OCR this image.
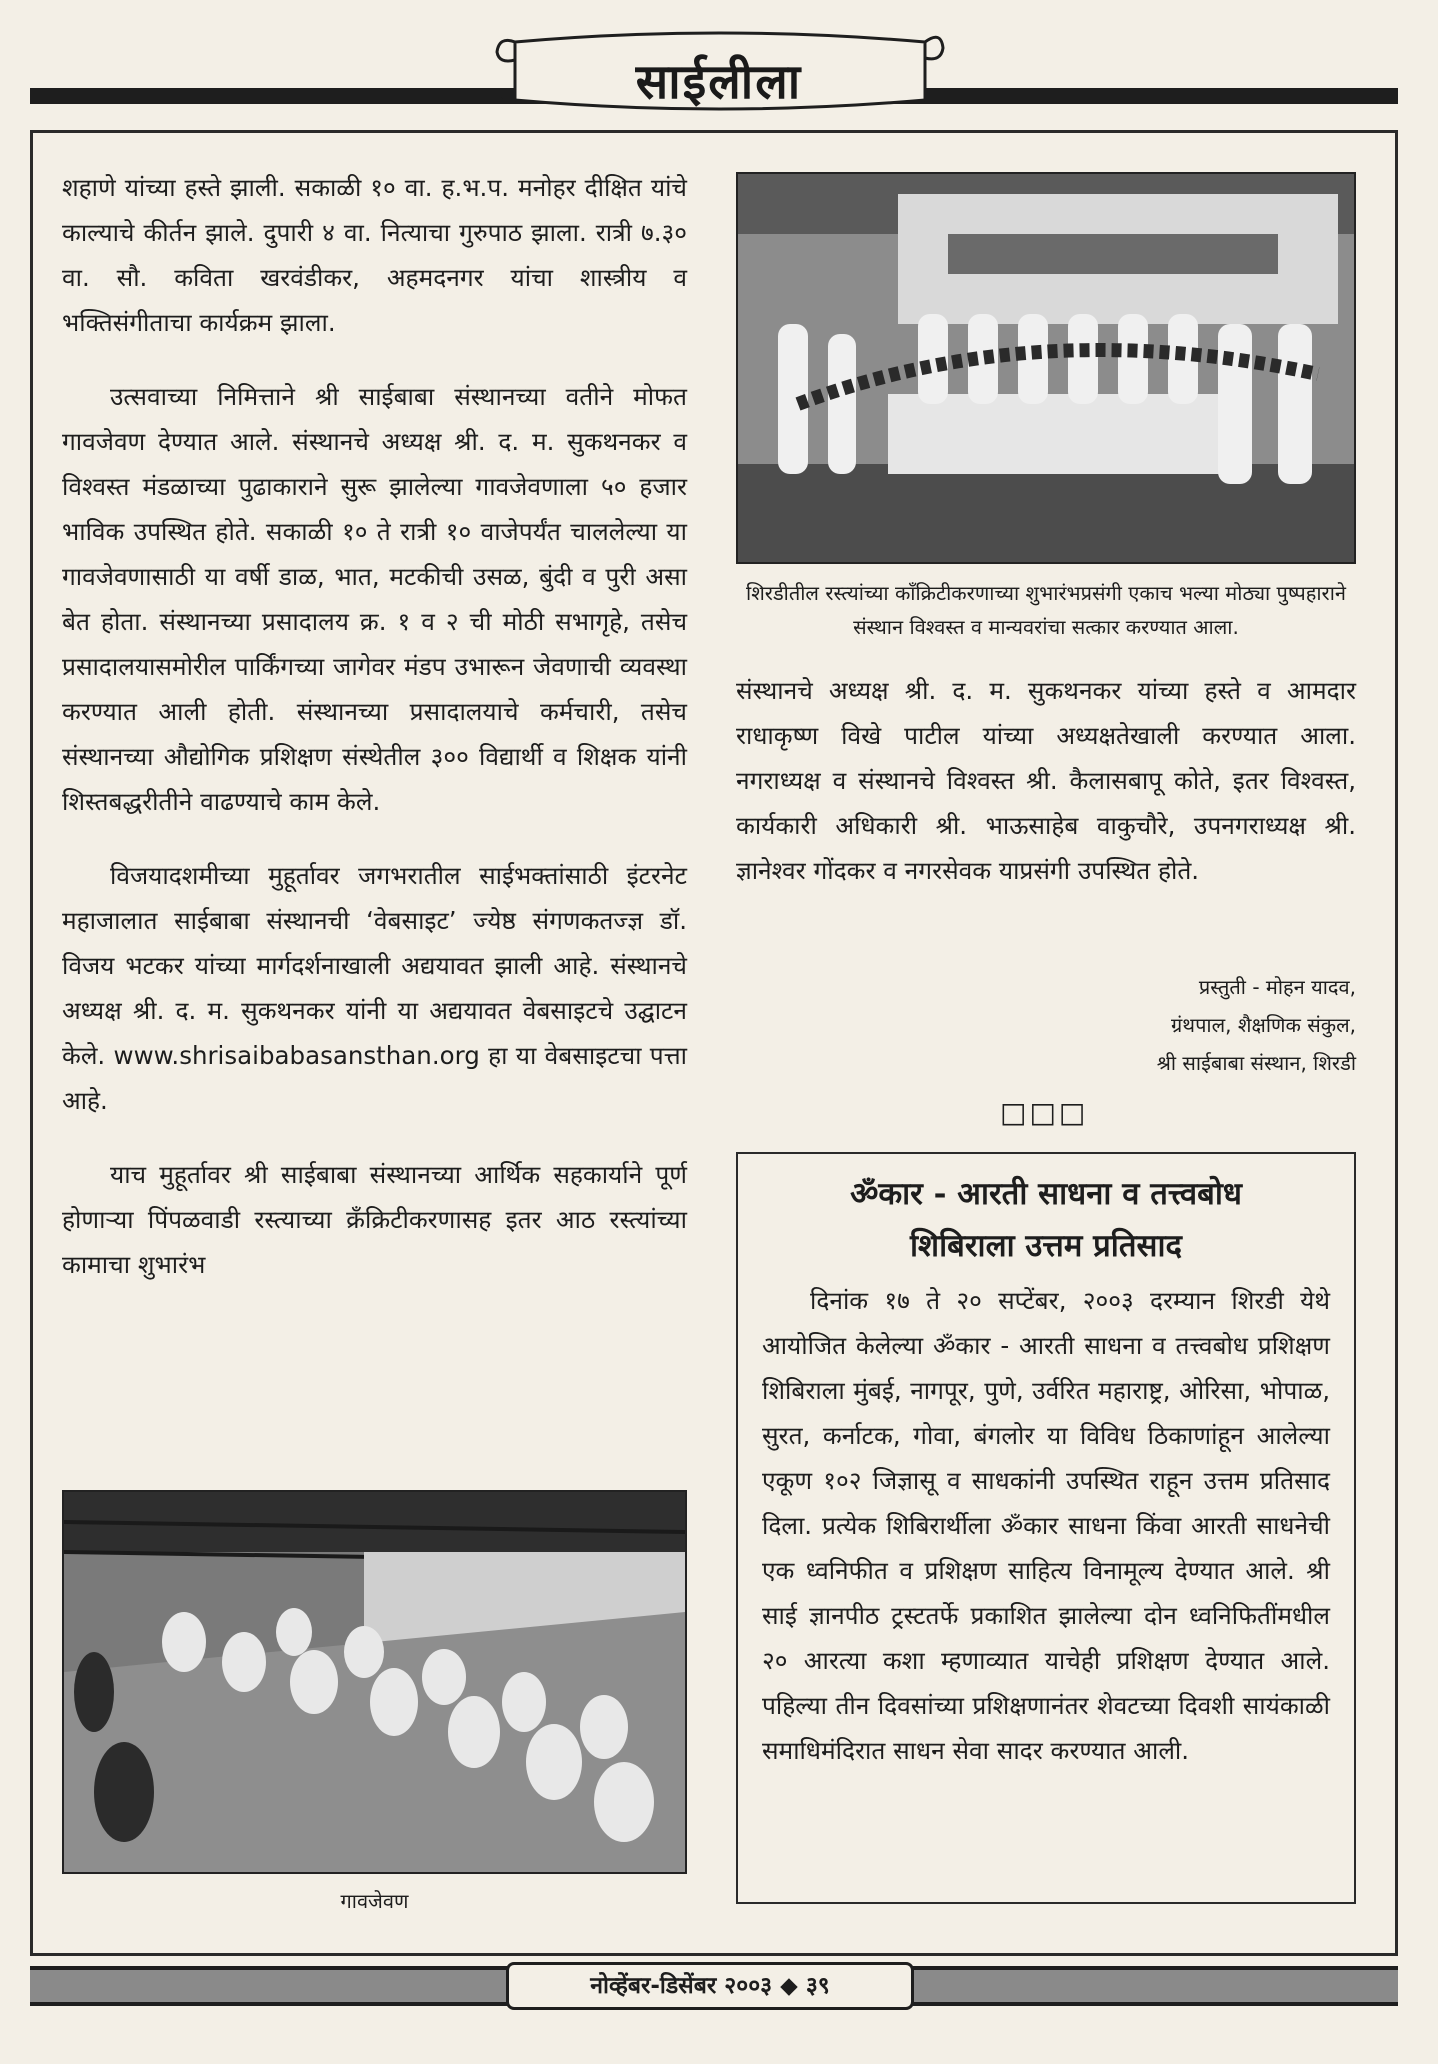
साईलीला

शहाणे यांच्या हस्ते झाली. सकाळी १० वा. ह.भ.प. मनोहर दीक्षित यांचे काल्याचे कीर्तन झाले. दुपारी ४ वा. नित्याचा गुरुपाठ झाला. रात्री ७.३० वा. सौ. कविता खरवंडीकर, अहमदनगर यांचा शास्त्रीय व भक्तिसंगीताचा कार्यक्रम झाला.

उत्सवाच्या निमित्ताने श्री साईबाबा संस्थानच्या वतीने मोफत गावजेवण देण्यात आले. संस्थानचे अध्यक्ष श्री. द. म. सुकथनकर व विश्वस्त मंडळाच्या पुढाकाराने सुरू झालेल्या गावजेवणाला ५० हजार भाविक उपस्थित होते. सकाळी १० ते रात्री १० वाजेपर्यंत चाललेल्या या गावजेवणासाठी या वर्षी डाळ, भात, मटकीची उसळ, बुंदी व पुरी असा बेत होता. संस्थानच्या प्रसादालय क्र. १ व २ ची मोठी सभागृहे, तसेच प्रसादालयासमोरील पार्किंगच्या जागेवर मंडप उभारून जेवणाची व्यवस्था करण्यात आली होती. संस्थानच्या प्रसादालयाचे कर्मचारी, तसेच संस्थानच्या औद्योगिक प्रशिक्षण संस्थेतील ३०० विद्यार्थी व शिक्षक यांनी शिस्तबद्धरीतीने वाढण्याचे काम केले.

विजयादशमीच्या मुहूर्तावर जगभरातील साईभक्तांसाठी इंटरनेट महाजालात साईबाबा संस्थानची ‘वेबसाइट’ ज्येष्ठ संगणकतज्ज्ञ डॉ. विजय भटकर यांच्या मार्गदर्शनाखाली अद्ययावत झाली आहे. संस्थानचे अध्यक्ष श्री. द. म. सुकथनकर यांनी या अद्ययावत वेबसाइटचे उद्घाटन केले. www.shrisaibabasansthan.org हा या वेबसाइटचा पत्ता आहे.

याच मुहूर्तावर श्री साईबाबा संस्थानच्या आर्थिक सहकार्याने पूर्ण होणाऱ्या पिंपळवाडी रस्त्याच्या क्रॅंक्रिटीकरणासह इतर आठ रस्त्यांच्या कामाचा शुभारंभ

शिरडीतील रस्त्यांच्या काँक्रिटीकरणाच्या शुभारंभप्रसंगी एकाच भल्या मोठ्या पुष्पहाराने संस्थान विश्वस्त व मान्यवरांचा सत्कार करण्यात आला.

संस्थानचे अध्यक्ष श्री. द. म. सुकथनकर यांच्या हस्ते व आमदार राधाकृष्ण विखे पाटील यांच्या अध्यक्षतेखाली करण्यात आला. नगराध्यक्ष व संस्थानचे विश्वस्त श्री. कैलासबापू कोते, इतर विश्वस्त, कार्यकारी अधिकारी श्री. भाऊसाहेब वाकुचौरे, उपनगराध्यक्ष श्री. ज्ञानेश्वर गोंदकर व नगरसेवक याप्रसंगी उपस्थित होते.

प्रस्तुती - मोहन यादव,
ग्रंथपाल, शैक्षणिक संकुल,
श्री साईबाबा संस्थान, शिरडी
□□□
ॐकार - आरती साधना व तत्त्वबोध
शिबिराला उत्तम प्रतिसाद

दिनांक १७ ते २० सप्टेंबर, २००३ दरम्यान शिरडी येथे आयोजित केलेल्या ॐकार - आरती साधना व तत्त्वबोध प्रशिक्षण शिबिराला मुंबई, नागपूर, पुणे, उर्वरित महाराष्ट्र, ओरिसा, भोपाळ, सुरत, कर्नाटक, गोवा, बंगलोर या विविध ठिकाणांहून आलेल्या एकूण १०२ जिज्ञासू व साधकांनी उपस्थित राहून उत्तम प्रतिसाद दिला. प्रत्येक शिबिरार्थीला ॐकार साधना किंवा आरती साधनेची एक ध्वनिफीत व प्रशिक्षण साहित्य विनामूल्य देण्यात आले. श्री साई ज्ञानपीठ ट्रस्टतर्फे प्रकाशित झालेल्या दोन ध्वनिफितींमधील २० आरत्या कशा म्हणाव्यात याचेही प्रशिक्षण देण्यात आले. पहिल्या तीन दिवसांच्या प्रशिक्षणानंतर शेवटच्या दिवशी सायंकाळी समाधिमंदिरात साधन सेवा सादर करण्यात आली.

गावजेवण
नोव्हेंबर-डिसेंबर २००३ ◆ ३९
